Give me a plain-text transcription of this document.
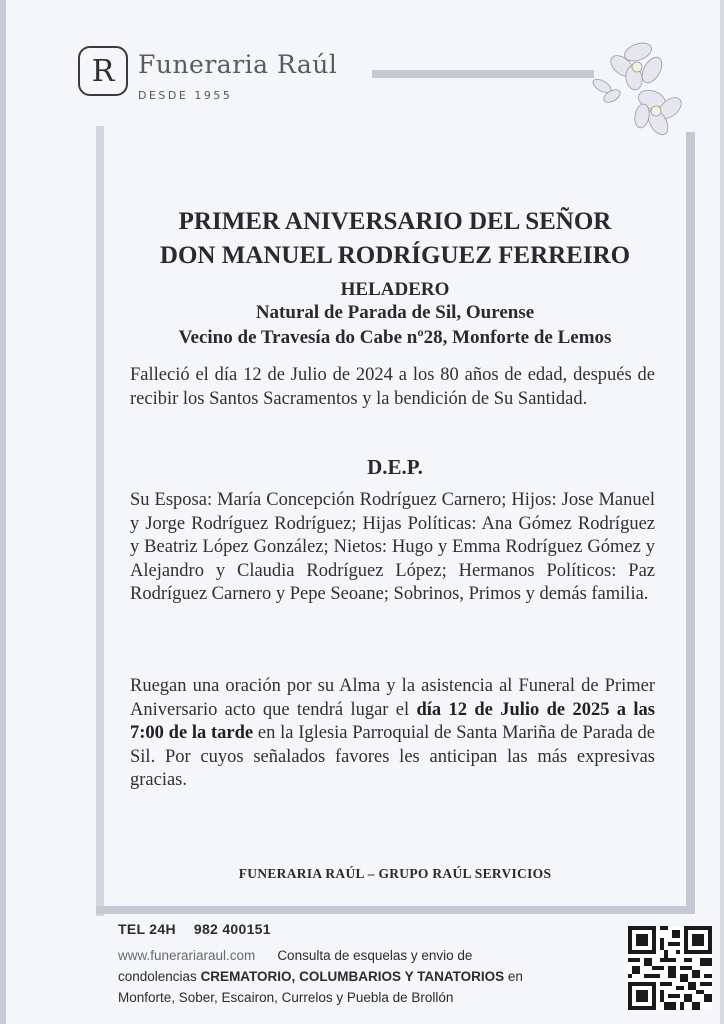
R Funeraria Raúl
DESDE 1955
PRIMER ANIVERSARIO DEL SEÑOR
DON MANUEL RODRÍGUEZ FERREIRO
HELADERO
Natural de Parada de Sil, Ourense
Vecino de Travesía do Cabe nº28, Monforte de Lemos
Falleció el día 12 de Julio de 2024 a los 80 años de edad, después de recibir los Santos Sacramentos y la bendición de Su Santidad.
D.E.P.
Su Esposa: María Concepción Rodríguez Carnero; Hijos: Jose Manuel y Jorge Rodríguez Rodríguez; Hijas Políticas: Ana Gómez Rodríguez y Beatriz López González; Nietos: Hugo y Emma Rodríguez Gómez y Alejandro y Claudia Rodríguez López; Hermanos Políticos: Paz Rodríguez Carnero y Pepe Seoane; Sobrinos, Primos y demás familia.
Ruegan una oración por su Alma y la asistencia al Funeral de Primer Aniversario acto que tendrá lugar el día 12 de Julio de 2025 a las 7:00 de la tarde en la Iglesia Parroquial de Santa Mariña de Parada de Sil. Por cuyos señalados favores les anticipan las más expresivas gracias.
FUNERARIA RAÚL – GRUPO RAÚL SERVICIOS
TEL 24H 982 400151
www.funerariaraul.com Consulta de esquelas y envio de
condolencias CREMATORIO, COLUMBARIOS Y TANATORIOS en
Monforte, Sober, Escairon, Currelos y Puebla de Brollón
